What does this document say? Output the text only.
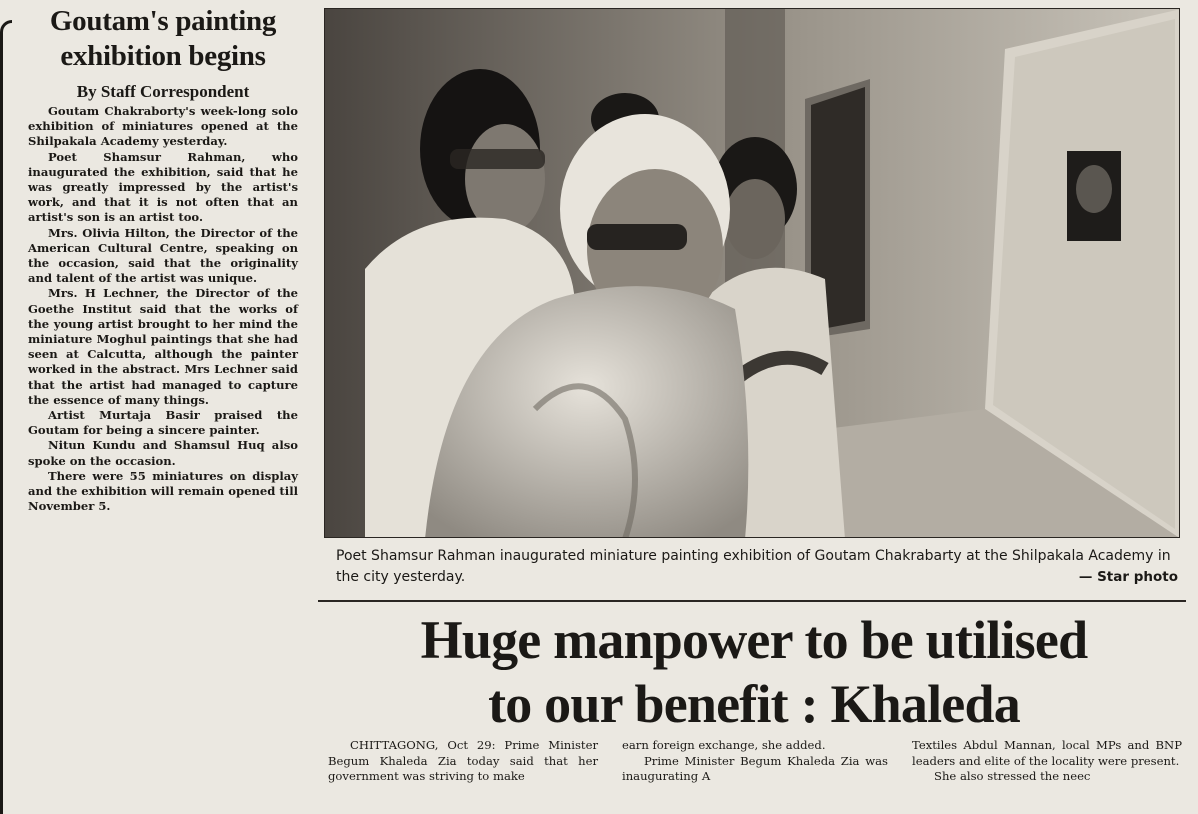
Goutam's painting
exhibition begins
By Staff Correspondent

Goutam Chakraborty's week-long solo exhibition of miniatures opened at the Shilpakala Academy yesterday.

Poet Shamsur Rahman, who inaugurated the exhibition, said that he was greatly impressed by the artist's work, and that it is not often that an artist's son is an artist too.

Mrs. Olivia Hilton, the Director of the American Cultural Centre, speaking on the occasion, said that the originality and talent of the artist was unique.

Mrs. H Lechner, the Director of the Goethe Institut said that the works of the young artist brought to her mind the miniature Moghul paintings that she had seen at Calcutta, although the painter worked in the abstract. Mrs Lechner said that the artist had managed to capture the essence of many things.

Artist Murtaja Basir praised the Goutam for being a sincere painter.

Nitun Kundu and Shamsul Huq also spoke on the occasion.

There were 55 miniatures on display and the exhibition will remain opened till November 5.

Poet Shamsur Rahman inaugurated miniature painting exhibition of Goutam Chakrabarty at the Shilpakala Academy in the city yesterday.	— Star photo
Huge manpower to be utilised
to our benefit : Khaleda

CHITTAGONG, Oct 29: Prime Minister Begum Khaleda Zia today said that her government was striving to make

earn foreign exchange, she added.

Prime Minister Begum Khaleda Zia was inaugurating A

Textiles Abdul Mannan, local MPs and BNP leaders and elite of the locality were present.

She also stressed the neec
